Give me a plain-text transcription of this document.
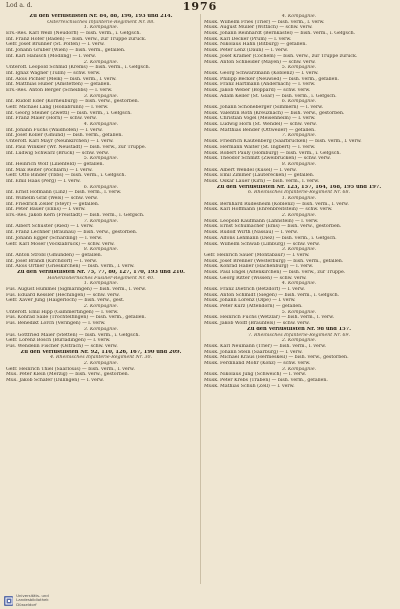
Lod a. d.	1976
Zu den Verlustlisten Nr. 84, 88, 196, 193 und 214.
Österreichisches Infanterie-Regiment Nr. 88.
1. Kompagnie.
Ers.-Res. Karl Weiß (Neudörfl) — bish. verm., i. Gefgsch.
Inf. Franz Hofer (Baden) — bish. verw., zur Truppe zurück.
Gefr. Josef Brunner (St. Pölten) — l. verw.
Inf. Johann Gruber (Wien) — bish. verm., gefallen.
Inf. Karl Hanisch (Mödling) — l. verw.
2. Kompagnie.
Unteroff. Leopold Schmid (Krems) — bish. verm., i. Gefgsch.
Inf. Ignaz Wagner (Tulln) — schw. verw.
Inf. Alois Pichler (Melk) — bish. verm., l. verw.
Inf. Matthias Huber (Amstetten) — gefallen.
Ers.-Res. Anton Berger (Scheibbs) — l. verw.
3. Kompagnie.
Inf. Rudolf Eder (Korneuburg) — bish. verw., gestorben.
Gefr. Michael Lang (Hollabrunn) — l. verw.
Inf. Georg Steiner (Zwettl) — bish. verm., i. Gefgsch.
Inf. Franz Maier (Horn) — schw. verw.
4. Kompagnie.
Inf. Johann Fuchs (Waidhofen) — l. verw.
Inf. Josef Koller (Gmünd) — bish. verm., gefallen.
Unteroff. Karl Mayr (Neunkirchen) — l. verw.
Inf. Paul Winkler (Wr. Neustadt) — bish. verw., zur Truppe.
Inf. Ludwig Schwarz (Bruck) — schw. verw.
5. Kompagnie.
Inf. Heinrich Wolf (Lilienfeld) — gefallen.
Inf. Max Reiter (Pöchlarn) — l. verw.
Gefr. Otto Binder (Ybbs) — bish. verm., i. Gefgsch.
Inf. Emil Haas (Perg) — l. verw.
6. Kompagnie.
Inf. Ernst Hofmann (Linz) — bish. verm., l. verw.
Inf. Wilhelm Graf (Wels) — schw. verw.
Inf. Friedrich Zeller (Steyr) — gefallen.
Inf. Peter Bauer (Enns) — l. verw.
Ers.-Res. Jakob Kern (Freistadt) — bish. verm., i. Gefgsch.
7. Kompagnie.
Inf. Albert Schuster (Ried) — l. verw.
Inf. Franz Lechner (Braunau) — bish. verw., gestorben.
Inf. Johann Egger (Schärding) — l. verw.
Gefr. Karl Moser (Vöcklabruck) — schw. verw.
8. Kompagnie.
Inf. Anton Strobl (Gmunden) — gefallen.
Inf. Josef Brandl (Kirchdorf) — l. verw.
Inf. Alois Ortner (Grieskirchen) — bish. verm., l. verw.
Zu den Verlustlisten Nr. 75, 77, 80, 127, 170, 193 und 210.
Hohenzollernsches Füsilier-Regiment Nr. 40.
1. Kompagnie.
Füs. August Hummel (Sigmaringen) — bish. verm., l. verw.
Füs. Eduard Kessler (Hechingen) — schw. verw.
Gefr. Xaver Jung (Haigerloch) — bish. verw., gest.
2. Kompagnie.
Unteroff. Emil Hipp (Gammertingen) — l. verw.
Füs. Konrad Saile (Trochtelfingen) — bish. verm., gefallen.
Füs. Benedikt Lorch (Veringen) — l. verw.
3. Kompagnie.
Füs. Gottfried Maier (Stetten) — bish. verm., i. Gefgsch.
Gefr. Lorenz Bosch (Burladingen) — l. verw.
Füs. Wendelin Fischer (Ostrach) — schw. verw.
Zu den Verlustlisten Nr. 92, 110, 126, 167, 190 und 209.
4. Rheinisches Infanterie-Regiment Nr. 30.
2. Kompagnie.
Gefr. Heinrich Thiel (Saarlouis) — bish. verm., l. verw.
Mus. Peter Klein (Merzig) — bish. verw., gestorben.
Mus. Jakob Schäfer (Dillingen) — l. verw.
4. Kompagnie.
Musk. Wilhelm Fries (Trier) — bish. verm., l. verw.
Musk. August Müller (Wittlich) — schw. verw.
Musk. Johann Reinhardt (Bernkastel) — bish. verm., i. Gefgsch.
Musk. Karl Decker (Prüm) — l. verw.
Musk. Nikolaus Hahn (Bitburg) — gefallen.
Musk. Peter Lenz (Daun) — l. verw.
Musk. Josef Krämer (Cochem) — bish. verw., zur Truppe zurück.
Musk. Anton Schneider (Mayen) — schw. verw.
5. Kompagnie.
Musk. Georg Schwarzmann (Koblenz) — l. verw.
Musk. Philipp Becker (Neuwied) — bish. verm., gefallen.
Musk. Franz Hartmann (Andernach) — l. verw.
Musk. Jakob Weber (Boppard) — schw. verw.
Musk. Adam Keller (St. Goar) — bish. verm., i. Gefgsch.
6. Kompagnie.
Musk. Johann Schöneberger (Simmern) — l. verw.
Musk. Valentin Roth (Kreuznach) — bish. verw., gestorben.
Musk. Christian Vogel (Meisenheim) — l. verw.
Musk. Ludwig Horn (St. Wendel) — schw. verw.
Musk. Matthias Bender (Ottweiler) — gefallen.
7. Kompagnie.
Musk. Friedrich Kautenberg (Saarbrücken) — bish. verm., l. verw.
Musk. Hermann Walter (St. Ingbert) — l. verw.
Musk. Robert Pauly (Homburg) — bish. verm., i. Gefgsch.
Musk. Theodor Schmitt (Zweibrücken) — schw. verw.
8. Kompagnie.
Musk. Albert Wendel (Kusel) — l. verw.
Musk. Emil Zimmer (Lauterecken) — gefallen.
Musk. Oskar Lauer (Kirn) — bish. verm., l. verw.
Zu den Verlustlisten Nr. 123, 157, 164, 168, 195 und 197.
6. Rheinisches Infanterie-Regiment Nr. 68.
1. Kompagnie.
Musk. Bernhard Rüdesheim (Koblenz) — bish. verm., l. verw.
Musk. Karl Hoffmann (Ehrenbreitstein) — schw. verw.
2. Kompagnie.
Musk. Leopold Kaufmann (Lahnstein) — l. verw.
Musk. Ernst Schumacher (Ems) — bish. verw., gestorben.
Musk. Rudolf Wirth (Nassau) — l. verw.
Musk. Alfons Lehmann (Diez) — bish. verm., i. Gefgsch.
Musk. Wilhelm Schwab (Limburg) — schw. verw.
3. Kompagnie.
Gefr. Heinrich Sauer (Montabaur) — l. verw.
Musk. Josef Brenner (Westerburg) — bish. verm., gefallen.
Musk. Konrad Haller (Hachenburg) — l. verw.
Musk. Paul Engel (Altenkirchen) — bish. verw., zur Truppe.
Musk. Georg Ritter (Wissen) — schw. verw.
4. Kompagnie.
Musk. Franz Dietrich (Betzdorf) — l. verw.
Musk. Anton Schmidt (Siegen) — bish. verm., i. Gefgsch.
Musk. Johann Lorenz (Olpe) — l. verw.
Musk. Peter Kurz (Attendorn) — gefallen.
5. Kompagnie.
Musk. Heinrich Fuchs (Wetzlar) — bish. verm., l. verw.
Musk. Jakob Wolff (Braunfels) — schw. verw.
Zu den Verlustlisten Nr. 98 und 157.
7. Rheinisches Infanterie-Regiment Nr. 69.
2. Kompagnie.
Musk. Karl Neumann (Trier) — bish. verm., l. verw.
Musk. Johann Stein (Saarburg) — l. verw.
Musk. Michael Kraus (Hermeskeil) — bish. verw., gestorben.
Musk. Ferdinand Mohr (Konz) — schw. verw.
3. Kompagnie.
Musk. Nikolaus Jung (Schweich) — l. verw.
Musk. Peter Krebs (Traben) — bish. verm., gefallen.
Musk. Mathias Schuh (Zell) — l. verw.
Universitäts- und
Landesbibliothek Düsseldorf
